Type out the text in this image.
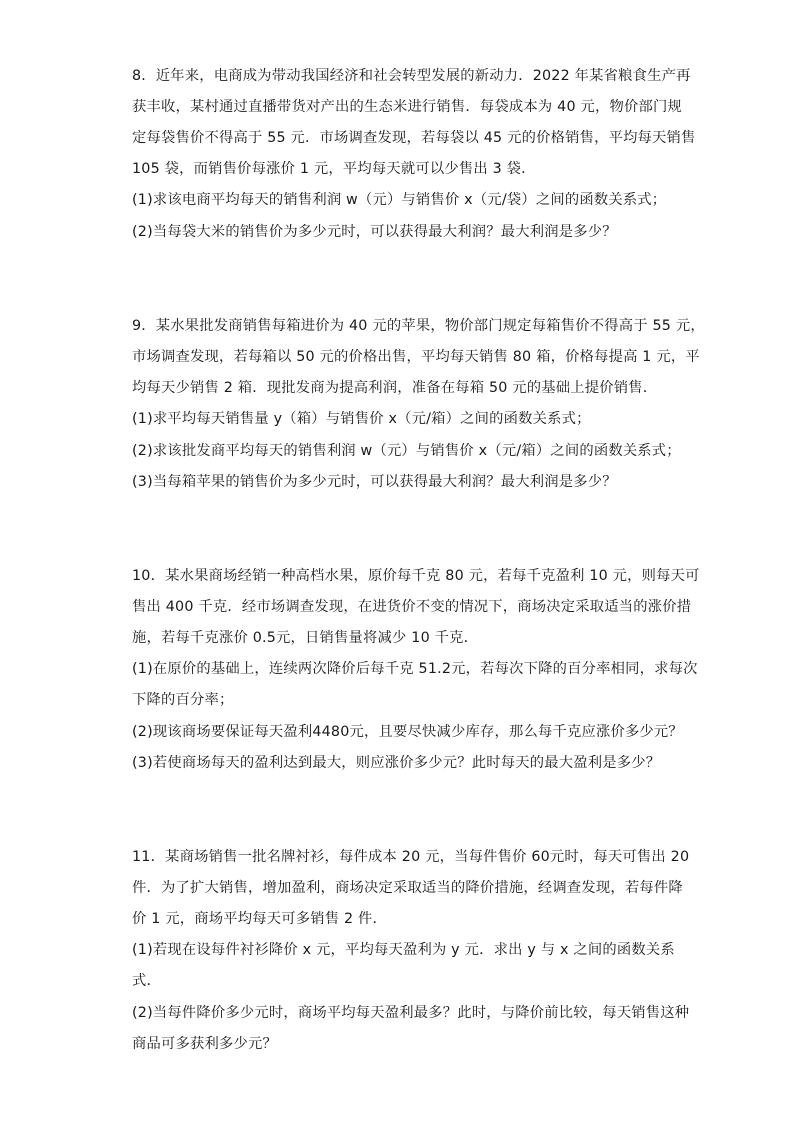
8．近年来，电商成为带动我国经济和社会转型发展的新动力．2022 年某省粮食生产再
获丰收，某村通过直播带货对产出的生态米进行销售．每袋成本为 40 元，物价部门规
定每袋售价不得高于 55 元．市场调查发现，若每袋以 45 元的价格销售，平均每天销售
105 袋，而销售价每涨价 1 元，平均每天就可以少售出 3 袋．
(1)求该电商平均每天的销售利润 w（元）与销售价 x（元/袋）之间的函数关系式；
(2)当每袋大米的销售价为多少元时，可以获得最大利润？最大利润是多少？
9．某水果批发商销售每箱进价为 40 元的苹果，物价部门规定每箱售价不得高于 55 元，
市场调查发现，若每箱以 50 元的价格出售，平均每天销售 80 箱，价格每提高 1 元，平
均每天少销售 2 箱．现批发商为提高利润，准备在每箱 50 元的基础上提价销售．
(1)求平均每天销售量 y（箱）与销售价 x（元/箱）之间的函数关系式；
(2)求该批发商平均每天的销售利润 w（元）与销售价 x（元/箱）之间的函数关系式；
(3)当每箱苹果的销售价为多少元时，可以获得最大利润？最大利润是多少？
10．某水果商场经销一种高档水果，原价每千克 80 元，若每千克盈利 10 元，则每天可
售出 400 千克．经市场调查发现，在进货价不变的情况下，商场决定采取适当的涨价措
施，若每千克涨价 0.5元，日销售量将减少 10 千克．
(1)在原价的基础上，连续两次降价后每千克 51.2元，若每次下降的百分率相同，求每次
下降的百分率；
(2)现该商场要保证每天盈利4480元，且要尽快减少库存，那么每千克应涨价多少元？
(3)若使商场每天的盈利达到最大，则应涨价多少元？此时每天的最大盈利是多少？
11．某商场销售一批名牌衬衫，每件成本 20 元，当每件售价 60元时，每天可售出 20
件．为了扩大销售，增加盈利，商场决定采取适当的降价措施，经调查发现，若每件降
价 1 元，商场平均每天可多销售 2 件．
(1)若现在设每件衬衫降价 x 元，平均每天盈利为 y 元．求出 y 与 x 之间的函数关系
式．
(2)当每件降价多少元时，商场平均每天盈利最多？此时，与降价前比较，每天销售这种
商品可多获利多少元？
